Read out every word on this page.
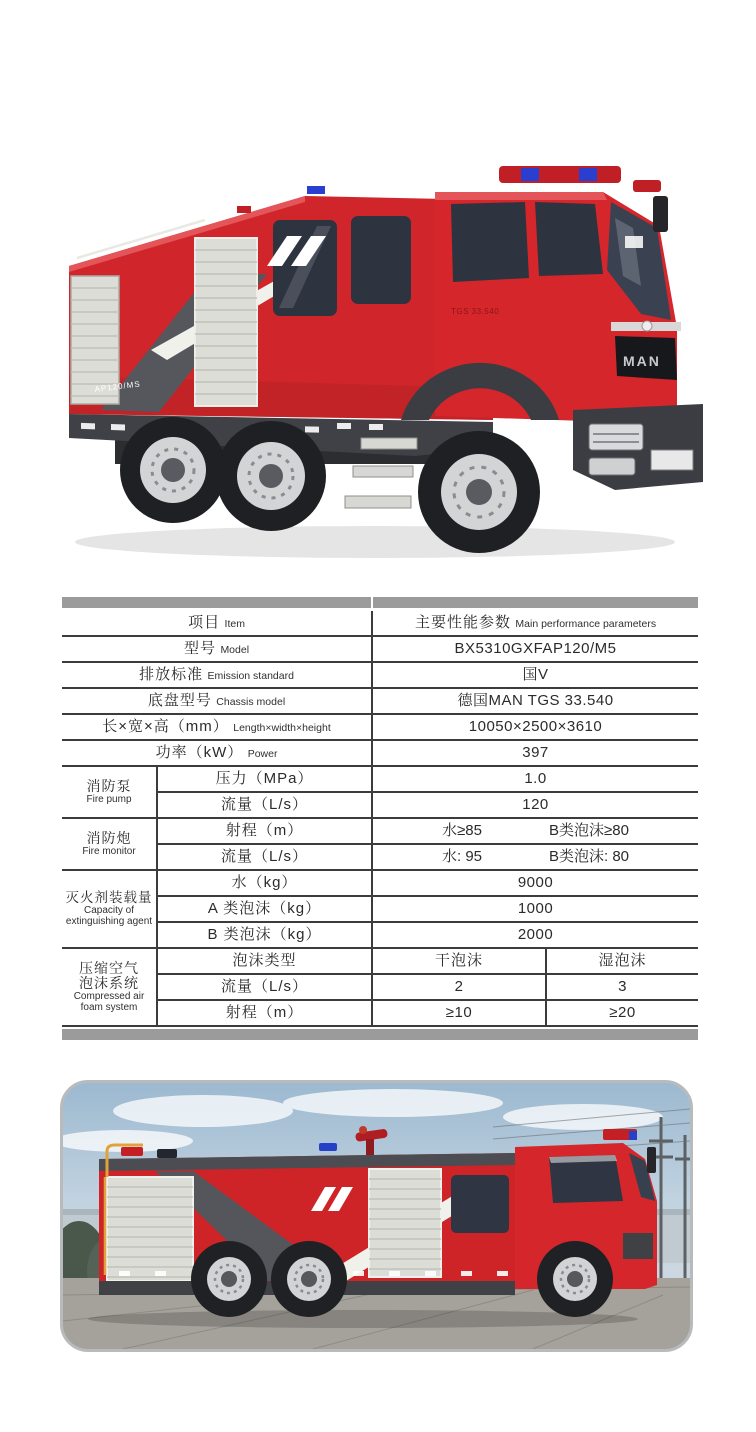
AP120/MS
TGS 33.540
MAN
项目 Item		主要性能参数 Main performance parameters	
型号 Model		BX5310GXFAP120/M5	
排放标准 Emission standard		国V	
底盘型号 Chassis model		德国MAN TGS 33.540	
长×宽×高（mm） Length×width×height		10050×2500×3610	
功率（kW） Power		397	

消防泵
Fire pump	压力（MPa）	1.0	
	流量（L/s）	120	

消防炮
Fire monitor	射程（m）	水≥85 B类泡沫≥80	

	流量（L/s）	水: 95 B类泡沫: 80	

灭火剂装载量
Capacity of extinguishing agent	水（kg）	9000	
	A 类泡沫（kg）	1000	
	B 类泡沫（kg）	2000	

压缩空气泡沫系统
Compressed air foam system	泡沫类型	干泡沫	湿泡沫
	流量（L/s）	2	3
	射程（m）	≥10	≥20
